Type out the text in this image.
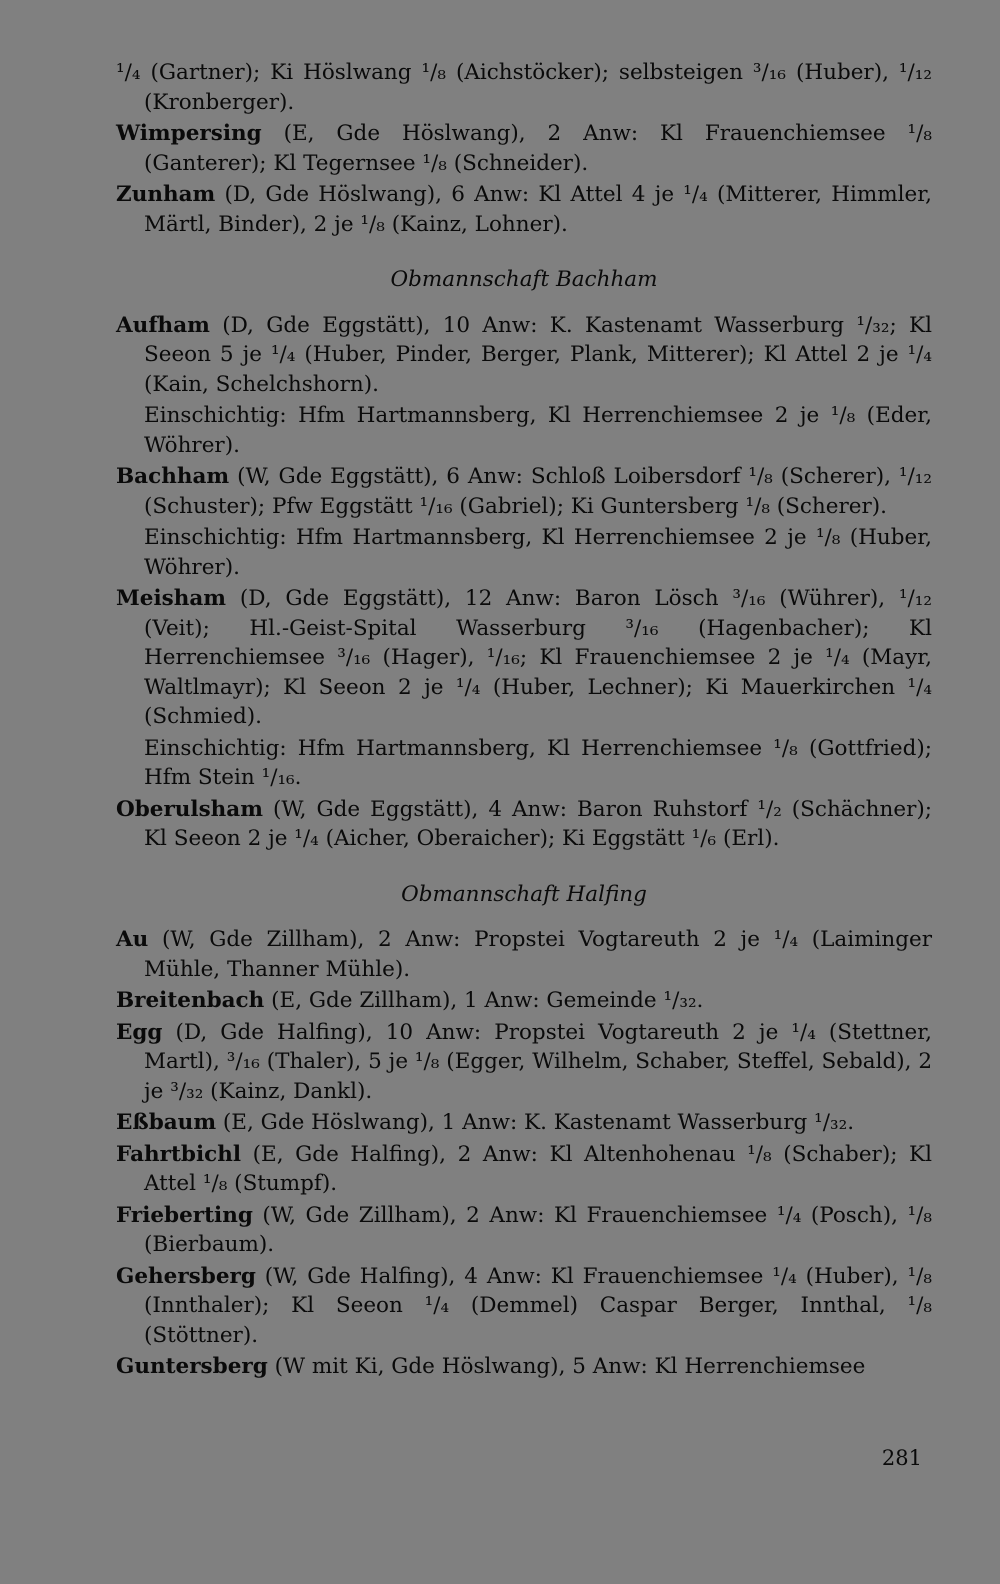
¹/₄ (Gartner); Ki Höslwang ¹/₈ (Aichstöcker); selbsteigen ³/₁₆ (Huber), ¹/₁₂ (Kronberger).

Wimpersing (E, Gde Höslwang), 2 Anw: Kl Frauenchiemsee ¹/₈ (Ganterer); Kl Tegernsee ¹/₈ (Schneider).

Zunham (D, Gde Höslwang), 6 Anw: Kl Attel 4 je ¹/₄ (Mitterer, Himmler, Märtl, Binder), 2 je ¹/₈ (Kainz, Lohner).

Obmannschaft Bachham

Aufham (D, Gde Eggstätt), 10 Anw: K. Kastenamt Wasserburg ¹/₃₂; Kl Seeon 5 je ¹/₄ (Huber, Pinder, Berger, Plank, Mitterer); Kl Attel 2 je ¹/₄ (Kain, Schelchshorn).

Einschichtig: Hfm Hartmannsberg, Kl Herrenchiemsee 2 je ¹/₈ (Eder, Wöhrer).

Bachham (W, Gde Eggstätt), 6 Anw: Schloß Loibersdorf ¹/₈ (Scherer), ¹/₁₂ (Schuster); Pfw Eggstätt ¹/₁₆ (Gabriel); Ki Guntersberg ¹/₈ (Scherer).

Einschichtig: Hfm Hartmannsberg, Kl Herrenchiemsee 2 je ¹/₈ (Huber, Wöhrer).

Meisham (D, Gde Eggstätt), 12 Anw: Baron Lösch ³/₁₆ (Wührer), ¹/₁₂ (Veit); Hl.-Geist-Spital Wasserburg ³/₁₆ (Hagenbacher); Kl Herrenchiemsee ³/₁₆ (Hager), ¹/₁₆; Kl Frauenchiemsee 2 je ¹/₄ (Mayr, Waltlmayr); Kl Seeon 2 je ¹/₄ (Huber, Lechner); Ki Mauerkirchen ¹/₄ (Schmied).

Einschichtig: Hfm Hartmannsberg, Kl Herrenchiemsee ¹/₈ (Gottfried); Hfm Stein ¹/₁₆.

Oberulsham (W, Gde Eggstätt), 4 Anw: Baron Ruhstorf ¹/₂ (Schächner); Kl Seeon 2 je ¹/₄ (Aicher, Oberaicher); Ki Eggstätt ¹/₆ (Erl).

Obmannschaft Halfing

Au (W, Gde Zillham), 2 Anw: Propstei Vogtareuth 2 je ¹/₄ (Laiminger Mühle, Thanner Mühle).

Breitenbach (E, Gde Zillham), 1 Anw: Gemeinde ¹/₃₂.

Egg (D, Gde Halfing), 10 Anw: Propstei Vogtareuth 2 je ¹/₄ (Stettner, Martl), ³/₁₆ (Thaler), 5 je ¹/₈ (Egger, Wilhelm, Schaber, Steffel, Sebald), 2 je ³/₃₂ (Kainz, Dankl).

Eßbaum (E, Gde Höslwang), 1 Anw: K. Kastenamt Wasserburg ¹/₃₂.

Fahrtbichl (E, Gde Halfing), 2 Anw: Kl Altenhohenau ¹/₈ (Schaber); Kl Attel ¹/₈ (Stumpf).

Frieberting (W, Gde Zillham), 2 Anw: Kl Frauenchiemsee ¹/₄ (Posch), ¹/₈ (Bierbaum).

Gehersberg (W, Gde Halfing), 4 Anw: Kl Frauenchiemsee ¹/₄ (Huber), ¹/₈ (Innthaler); Kl Seeon ¹/₄ (Demmel) Caspar Berger, Innthal, ¹/₈ (Stöttner).

Guntersberg (W mit Ki, Gde Höslwang), 5 Anw: Kl Herrenchiemsee

281
